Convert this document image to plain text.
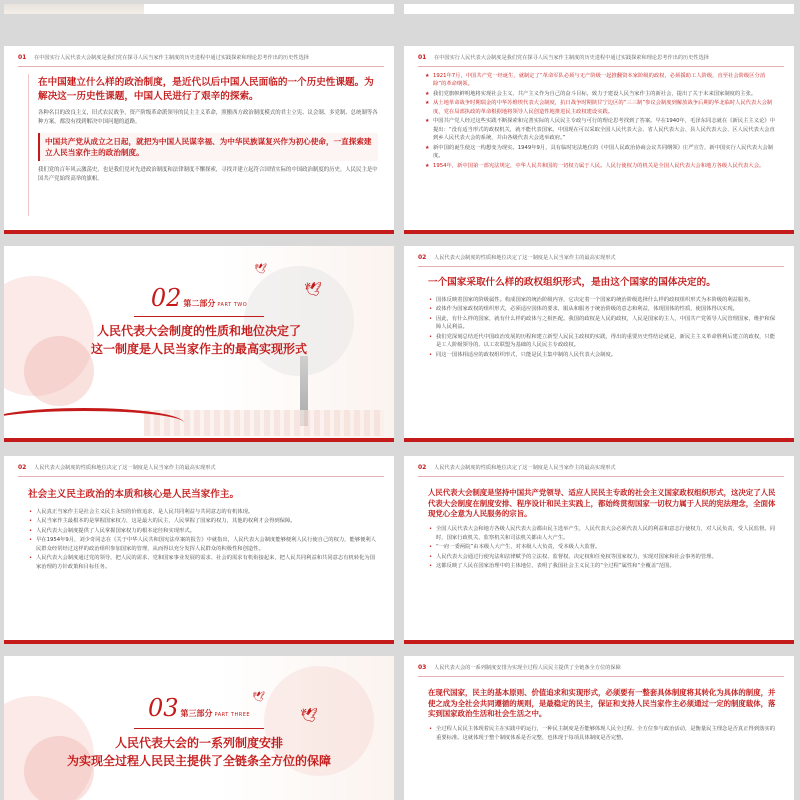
01	在中国实行人民代表大会制度是我们党在探寻人民当家作主制度的历史进程中通过实践探索和理论思考作出的历史性选择
在中国建立什么样的政治制度，是近代以后中国人民面临的一个历史性课题。为解决这一历史性课题，中国人民进行了艰辛的探索。
各种名目的改良主义，旧式农民战争，资产阶级革命派领导的民主主义革命，照搬西方政治制度模式的君主立宪、议会制、多党制、总统制等各种方案，都没有找到解决中国问题的道路。
中国共产党从成立之日起，就把为中国人民谋幸福、为中华民族谋复兴作为初心使命，一直探索建立人民当家作主的政治制度。
我们党的百年风云激荡史，也是我们党对先进政治制度和法律制度不懈探索，寻找并建立起符合国情实际的中国政治制度的历史。人民民主是中国共产党始终高举的旗帜。
01	在中国实行人民代表大会制度是我们党在探寻人民当家作主制度的历史进程中通过实践探索和理论思考作出的历史性选择
★ 1921年7月，中国共产党一经诞生，就制定了“革命军队必须与无产阶级一起推翻资本家阶级的政权，必须援助工人阶级，直至社会阶级区分消除”的革命纲领。
★ 我们党旗帜鲜明地将实现社会主义、共产主义作为自己的奋斗目标，致力于建设人民当家作主的新社会，提出了关于未来国家制度的主张。
★ 从土地革命战争时期瑞金的中华苏维埃代表大会制度，抗日战争时期陕甘宁边区的“三三制”参议会制度到解放战争后期的华北临时人民代表大会制度，党在局部执政的革命根据地将领导人民创造性地推进民主政权建设实践。
★ 中国共产党人经过这些实践不断探索和完善实际的人民民主专政与可行的理论思考找到了答案。早在1940年，毛泽东同志就在《新民主主义论》中提出：“没有适当形式的政权机关，就不能代表国家。中国现在可以采取全国人民代表大会、省人民代表大会、县人民代表大会、区人民代表大会直到乡人民代表大会的系统，并由各级代表大会选举政府。”
★ 新中国的诞生使这一构想变为现实。1949年9月，具有临时宪法地位的《中国人民政治协商会议共同纲领》庄严宣告，新中国实行人民代表大会制度。
★ 1954年，新中国第一部宪法规定，中华人民共和国的一切权力属于人民。人民行使权力的机关是全国人民代表大会和地方各级人民代表大会。
🕊
🕊
02 第二部分 PART TWO
人民代表大会制度的性质和地位决定了
这一制度是人民当家作主的最高实现形式
02	人民代表大会制度的性质和地位决定了这一制度是人民当家作主的最高实现形式
一个国家采取什么样的政权组织形式，是由这个国家的国体决定的。
• 国体反映着国家的阶级属性。构成国家的统治阶级内容，它决定着一个国家的统治阶级选择什么样的政权组织形式为本阶级的利益服务。
• 政体作为国家政权的组织形式，必须适应国体的要求，服从和服务于统治阶级的意志和利益，体现国体的性质，使国体得以实现。
• 因此，有什么样的国家，就有什么样的政体与之相匹配。我国的政权是人民的政权，人民是国家的主人，中国共产党领导人民管理国家，维护和保障人民利益。
• 我们党深刻总结近代中国政治发展的历程和建立新型人民民主政权的实践，得出的重要历史性结论就是，新民主主义革命胜利后建立的政权，只能是工人阶级领导的、以工农联盟为基础的人民民主专政政权。
• 同这一国体相适应的政权组织形式，只能是民主集中制的人民代表大会制度。
02	人民代表大会制度的性质和地位决定了这一制度是人民当家作主的最高实现形式
社会主义民主政治的本质和核心是人民当家作主。
• 人民真正当家作主是社会主义民主永恒的价值追求，是人民共同利益与共同意志的有机体现。
• 人民当家作主最根本的是掌握国家权力，这是最大的民主，人民掌握了国家的权力，其他的权利才会得到保障。
• 人民代表大会制度提供了人民掌握国家权力的根本途径和实现形式。
• 早在1954年9月，刘少奇同志在《关于中华人民共和国宪法草案的报告》中就指出，人民代表大会制度能够便利人民行使自己的权力，能够便利人民群众经常经过这样的政治组织参加国家的管理，从而得以充分发挥人民群众的积极性和创造性。
• 人民代表大会制度通过党的领导，把人民的需求、党和国家事业发展的需求、社会的需求有机衔接起来，把人民共同利益和共同意志有机转化为国家治理的方针政策和目标任务。
02	人民代表大会制度的性质和地位决定了这一制度是人民当家作主的最高实现形式
人民代表大会制度是坚持中国共产党领导、适应人民民主专政的社会主义国家政权组织形式，这决定了人民代表大会制度在制度安排、程序设计和民主实践上，都始终贯彻国家一切权力属于人民的宪法理念，全面体现党心全意为人民服务的宗旨。
• 全国人民代表大会和地方各级人民代表大会都由民主选举产生，人民代表大会必须代表人民的利益和意志行使权力，对人民负责，受人民监督。同时，国家行政机关、监察机关和司法机关都由人大产生。
• “一府一委两院”由本级人大产生，对本级人大负责，受本级人大监督。
• 人民代表大会通过行使宪法和法律赋予的立法权、监督权、决定权和任免权等国家权力，实现对国家和社会事务的管理。
• 这都反映了人民在国家治理中的主体地位，表明了我国社会主义民主的“全过程”属性和“全覆盖”范围。
🕊
🕊
03 第三部分 PART THREE
人民代表大会的一系列制度安排
为实现全过程人民民主提供了全链条全方位的保障
03	人民代表大会的一系列制度安排为实现全过程人民民主提供了全链条全方位的保障
在现代国家，民主的基本原则、价值追求和实现形式，必须要有一整套具体制度将其转化为具体的制度，并使之成为全社会共同遵循的规则，是最稳定的民主，保证和支持人民当家作主必须通过一定的制度载体，落实到国家政治生活和社会生活之中。
• 全过程人民民主体现着民主在实践中的运行，一种民主制度是否能够体现人民全过程、全方位参与政治活动，是衡量民主理念是否真正得到落实的重要标准。这就体现于整个制度体系是否完整，也体现于每项具体制度是否完整。
